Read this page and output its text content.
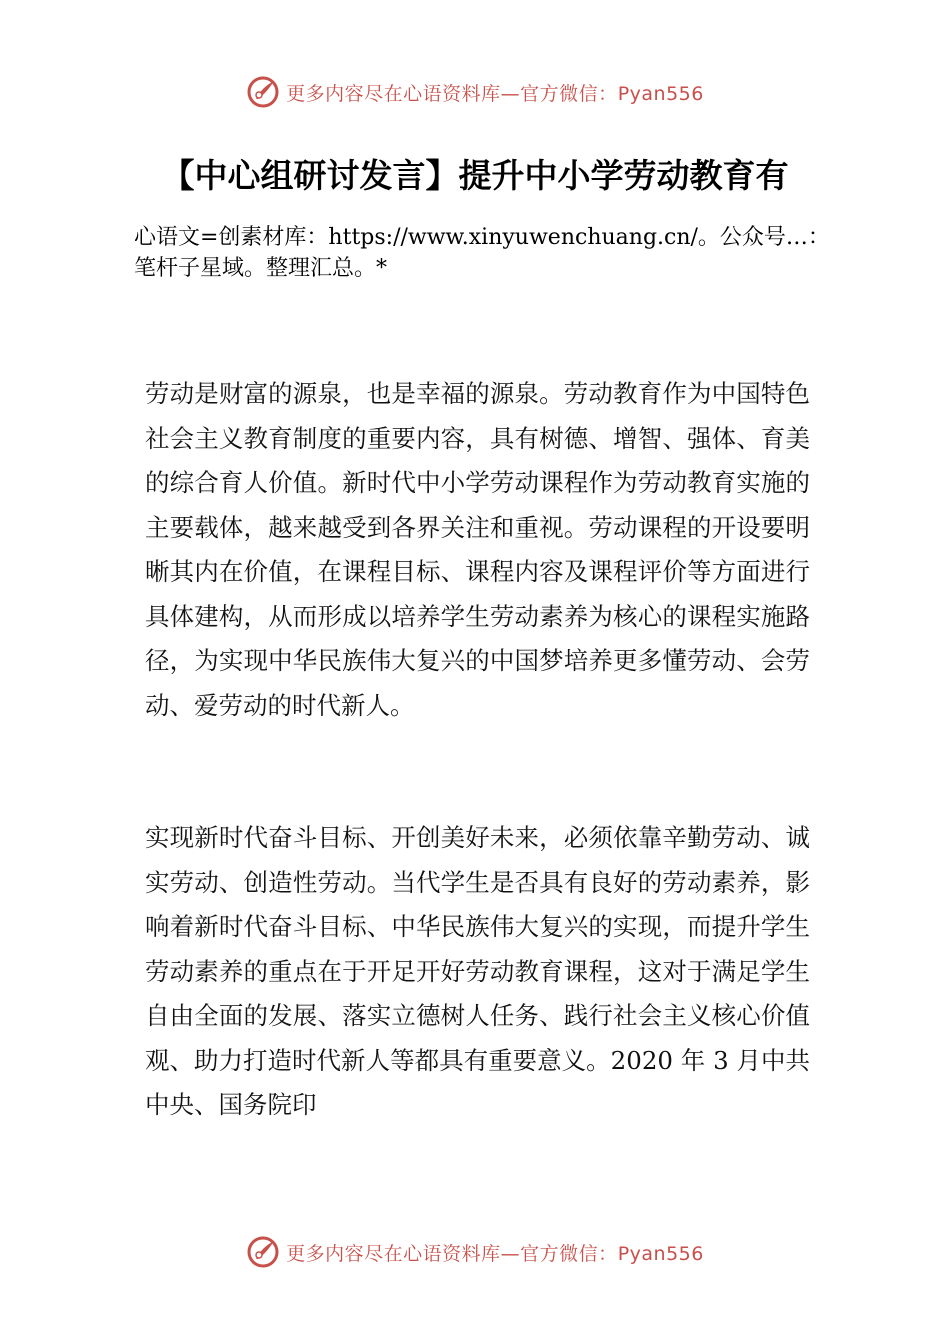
更多内容尽在心语资料库—官方微信：Pyan556
【中心组研讨发言】提升中小学劳动教育有
心语文=创素材库：https://www.xinyuwenchuang.cn/。公众号…：笔杆子星域。整理汇总。*

劳动是财富的源泉，也是幸福的源泉。劳动教育作为中国特色社会主义教育制度的重要内容，具有树德、增智、强体、育美的综合育人价值。新时代中小学劳动课程作为劳动教育实施的主要载体，越来越受到各界关注和重视。劳动课程的开设要明晰其内在价值，在课程目标、课程内容及课程评价等方面进行具体建构，从而形成以培养学生劳动素养为核心的课程实施路径，为实现中华民族伟大复兴的中国梦培养更多懂劳动、会劳动、爱劳动的时代新人。

实现新时代奋斗目标、开创美好未来，必须依靠辛勤劳动、诚实劳动、创造性劳动。当代学生是否具有良好的劳动素养，影响着新时代奋斗目标、中华民族伟大复兴的实现，而提升学生劳动素养的重点在于开足开好劳动教育课程，这对于满足学生自由全面的发展、落实立德树人任务、践行社会主义核心价值观、助力打造时代新人等都具有重要意义。2020 年 3 月中共中央、国务院印

更多内容尽在心语资料库—官方微信：Pyan556
